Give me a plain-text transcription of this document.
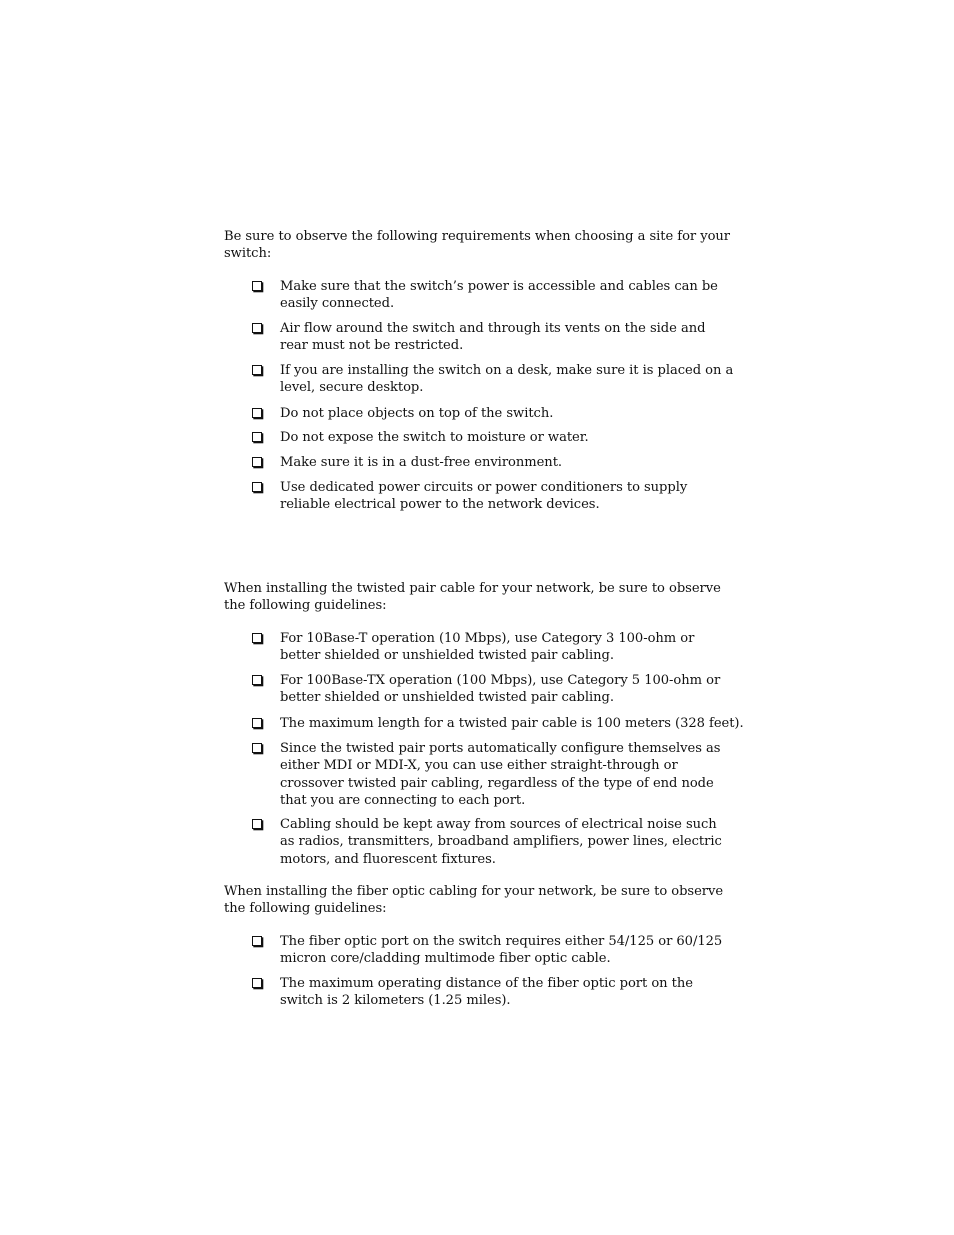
Be sure to observe the following requirements when choosing a site for your switch:
Make sure that the switch’s power is accessible and cables can be easily connected.
Air flow around the switch and through its vents on the side and rear must not be restricted.
If you are installing the switch on a desk, make sure it is placed on a level, secure desktop.
Do not place objects on top of the switch.
Do not expose the switch to moisture or water.
Make sure it is in a dust-free environment.
Use dedicated power circuits or power conditioners to supply reliable electrical power to the network devices.
When installing the twisted pair cable for your network, be sure to observe the following guidelines:
For 10Base-T operation (10 Mbps), use Category 3 100-ohm or better shielded or unshielded twisted pair cabling.
For 100Base-TX operation (100 Mbps), use Category 5 100-ohm or better shielded or unshielded twisted pair cabling.
The maximum length for a twisted pair cable is 100 meters (328 feet).
Since the twisted pair ports automatically configure themselves as either MDI or MDI-X, you can use either straight-through or crossover twisted pair cabling, regardless of the type of end node that you are connecting to each port.
Cabling should be kept away from sources of electrical noise such as radios, transmitters, broadband amplifiers, power lines, electric motors, and fluorescent fixtures.
When installing the fiber optic cabling for your network, be sure to observe the following guidelines:
The fiber optic port on the switch requires either 54/125 or 60/125 micron core/cladding multimode fiber optic cable.
The maximum operating distance of the fiber optic port on the switch is 2 kilometers (1.25 miles).
